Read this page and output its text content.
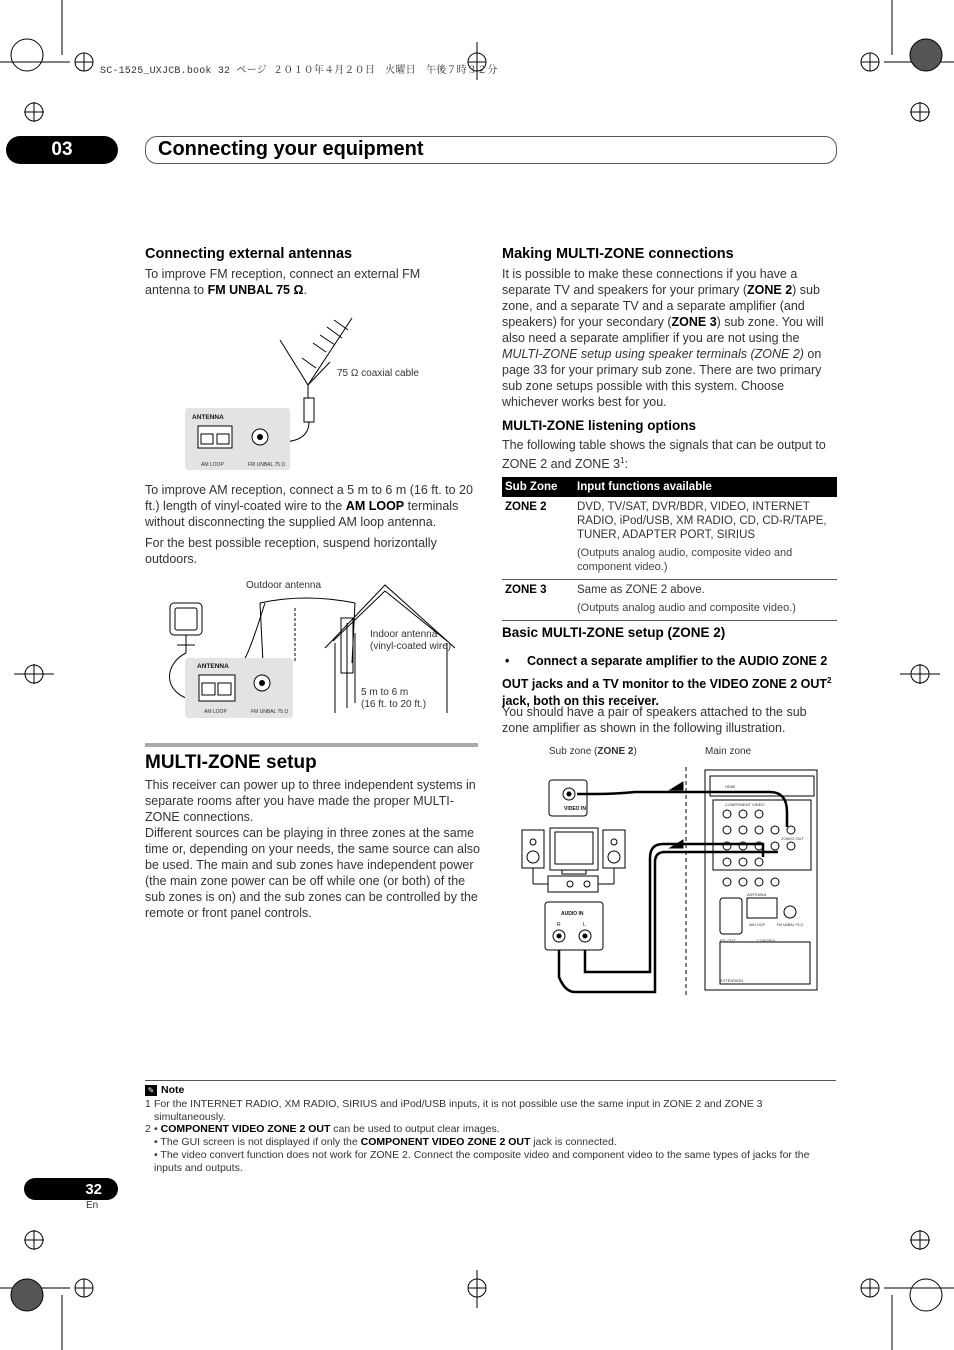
SC-1525_UXJCB.book 32 ページ ２０１０年４月２０日　火曜日　午後７時３２分
03	Connecting your equipment
Connecting external antennas
To improve FM reception, connect an external FM antenna to FM UNBAL 75 Ω.
ANTENNA
AM LOOP	FM UNBAL 75 Ω
75 Ω coaxial cable
To improve AM reception, connect a 5 m to 6 m (16 ft. to 20 ft.) length of vinyl-coated wire to the AM LOOP terminals without disconnecting the supplied AM loop antenna.
For the best possible reception, suspend horizontally outdoors.
Outdoor antenna
ANTENNA
AM LOOP	FM UNBAL 75 Ω
Indoor antenna
(vinyl-coated wire)
5 m to 6 m
(16 ft. to 20 ft.)
MULTI-ZONE setup
This receiver can power up to three independent systems in separate rooms after you have made the proper MULTI-ZONE connections.
Different sources can be playing in three zones at the same time or, depending on your needs, the same source can also be used. The main and sub zones have independent power (the main zone power can be off while one (or both) of the sub zones is on) and the sub zones can be controlled by the remote or front panel controls.
Making MULTI-ZONE connections
It is possible to make these connections if you have a separate TV and speakers for your primary (ZONE 2) sub zone, and a separate TV and a separate amplifier (and speakers) for your secondary (ZONE 3) sub zone. You will also need a separate amplifier if you are not using the MULTI-ZONE setup using speaker terminals (ZONE 2) on page 33 for your primary sub zone. There are two primary sub zone setups possible with this system. Choose whichever works best for you.
MULTI-ZONE listening options
The following table shows the signals that can be output to ZONE 2 and ZONE $3^1$:
Sub Zone	Input functions available
ZONE 2	DVD, TV/SAT, DVR/BDR, VIDEO, INTERNET RADIO, iPod/USB, XM RADIO, CD, CD-R/TAPE, TUNER, ADAPTER PORT, SIRIUS
(Outputs analog audio, composite video and component video.)

ZONE 3	Same as ZONE 2 above.
(Outputs analog audio and composite video.)
Basic MULTI-ZONE setup (ZONE 2)
• Connect a separate amplifier to the AUDIO ZONE 2
OUT jacks and a TV monitor to the VIDEO ZONE 2 OUT$^2$
jack, both on this receiver.
You should have a pair of speakers attached to the sub zone amplifier as shown in the following illustration.
Sub zone (ZONE 2)	Main zone
VIDEO IN
AUDIO IN
R	L
HDMI
COMPONENT VIDEO
ZONE2 OUT
ANTENNA
AM LOOP	FM UNBAL 75 Ω
RS-232C	CONTROL
EXTENSION
✎ Note
1 For the INTERNET RADIO, XM RADIO, SIRIUS and iPod/USB inputs, it is not possible use the same input in ZONE 2 and ZONE 3 simultaneously.
2 • COMPONENT VIDEO ZONE 2 OUT can be used to output clear images.
• The GUI screen is not displayed if only the COMPONENT VIDEO ZONE 2 OUT jack is connected.
• The video convert function does not work for ZONE 2. Connect the composite video and component video to the same types of jacks for the inputs and outputs.
32
En
